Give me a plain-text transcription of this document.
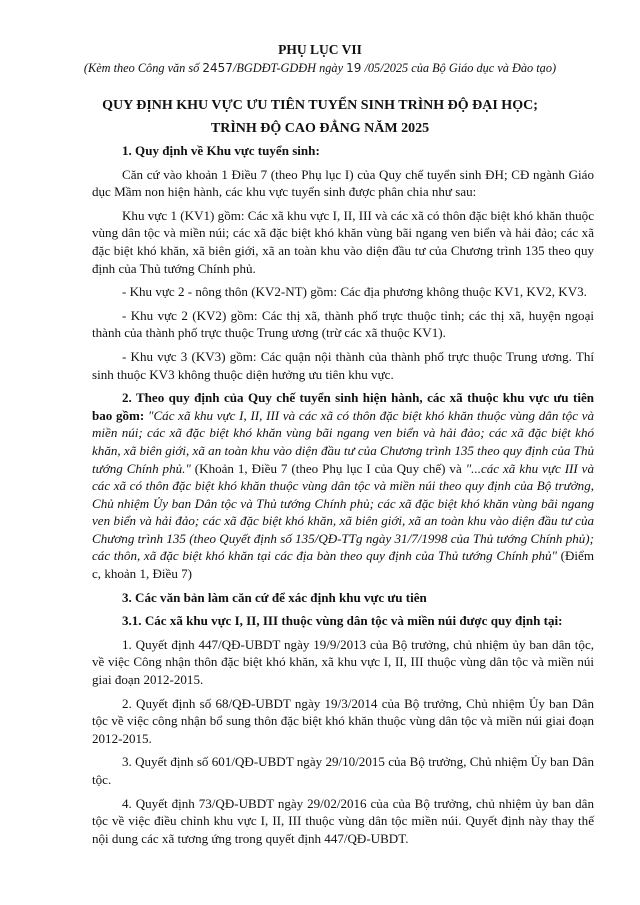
PHỤ LỤC VII
(Kèm theo Công văn số 2457/BGDĐT-GDĐH ngày 19 /05/2025 của Bộ Giáo dục và Đào tạo)
QUY ĐỊNH KHU VỰC ƯU TIÊN TUYỂN SINH TRÌNH ĐỘ ĐẠI HỌC;
TRÌNH ĐỘ CAO ĐẲNG NĂM 2025

1. Quy định về Khu vực tuyển sinh:

Căn cứ vào khoản 1 Điều 7 (theo Phụ lục I) của Quy chế tuyển sinh ĐH; CĐ ngành Giáo dục Mầm non hiện hành, các khu vực tuyển sinh được phân chia như sau:

Khu vực 1 (KV1) gồm: Các xã khu vực I, II, III và các xã có thôn đặc biệt khó khăn thuộc vùng dân tộc và miền núi; các xã đặc biệt khó khăn vùng bãi ngang ven biển và hải đảo; các xã đặc biệt khó khăn, xã biên giới, xã an toàn khu vào diện đầu tư của Chương trình 135 theo quy định của Thủ tướng Chính phủ.

- Khu vực 2 - nông thôn (KV2-NT) gồm: Các địa phương không thuộc KV1, KV2, KV3.

- Khu vực 2 (KV2) gồm: Các thị xã, thành phố trực thuộc tỉnh; các thị xã, huyện ngoại thành của thành phố trực thuộc Trung ương (trừ các xã thuộc KV1).

- Khu vực 3 (KV3) gồm: Các quận nội thành của thành phố trực thuộc Trung ương. Thí sinh thuộc KV3 không thuộc diện hưởng ưu tiên khu vực.

2. Theo quy định của Quy chế tuyển sinh hiện hành, các xã thuộc khu vực ưu tiên bao gồm: "Các xã khu vực I, II, III và các xã có thôn đặc biệt khó khăn thuộc vùng dân tộc và miền núi; các xã đặc biệt khó khăn vùng bãi ngang ven biển và hải đảo; các xã đặc biệt khó khăn, xã biên giới, xã an toàn khu vào diện đầu tư của Chương trình 135 theo quy định của Thủ tướng Chính phủ." (Khoản 1, Điều 7 (theo Phụ lục I của Quy chế) và "...các xã khu vực III và các xã có thôn đặc biệt khó khăn thuộc vùng dân tộc và miền núi theo quy định của Bộ trưởng, Chủ nhiệm Ủy ban Dân tộc và Thủ tướng Chính phủ; các xã đặc biệt khó khăn vùng bãi ngang ven biển và hải đảo; các xã đặc biệt khó khăn, xã biên giới, xã an toàn khu vào diện đầu tư của Chương trình 135 (theo Quyết định số 135/QĐ-TTg ngày 31/7/1998 của Thủ tướng Chính phủ); các thôn, xã đặc biệt khó khăn tại các địa bàn theo quy định của Thủ tướng Chính phủ" (Điểm c, khoản 1, Điều 7)

3. Các văn bản làm căn cứ để xác định khu vực ưu tiên

3.1. Các xã khu vực I, II, III thuộc vùng dân tộc và miền núi được quy định tại:

1. Quyết định 447/QĐ-UBDT ngày 19/9/2013 của Bộ trưởng, chủ nhiệm ủy ban dân tộc, về việc Công nhận thôn đặc biệt khó khăn, xã khu vực I, II, III thuộc vùng dân tộc và miền núi giai đoạn 2012-2015.

2. Quyết định số 68/QĐ-UBDT ngày 19/3/2014 của Bộ trưởng, Chủ nhiệm Ủy ban Dân tộc về việc công nhận bổ sung thôn đặc biệt khó khăn thuộc vùng dân tộc và miền núi giai đoạn 2012-2015.

3. Quyết định số 601/QĐ-UBDT ngày 29/10/2015 của Bộ trưởng, Chủ nhiệm Ủy ban Dân tộc.

4. Quyết định 73/QĐ-UBDT ngày 29/02/2016 của của Bộ trưởng, chủ nhiệm ủy ban dân tộc về việc điều chỉnh khu vực I, II, III thuộc vùng dân tộc miền núi. Quyết định này thay thế nội dung các xã tương ứng trong quyết định 447/QĐ-UBDT.
